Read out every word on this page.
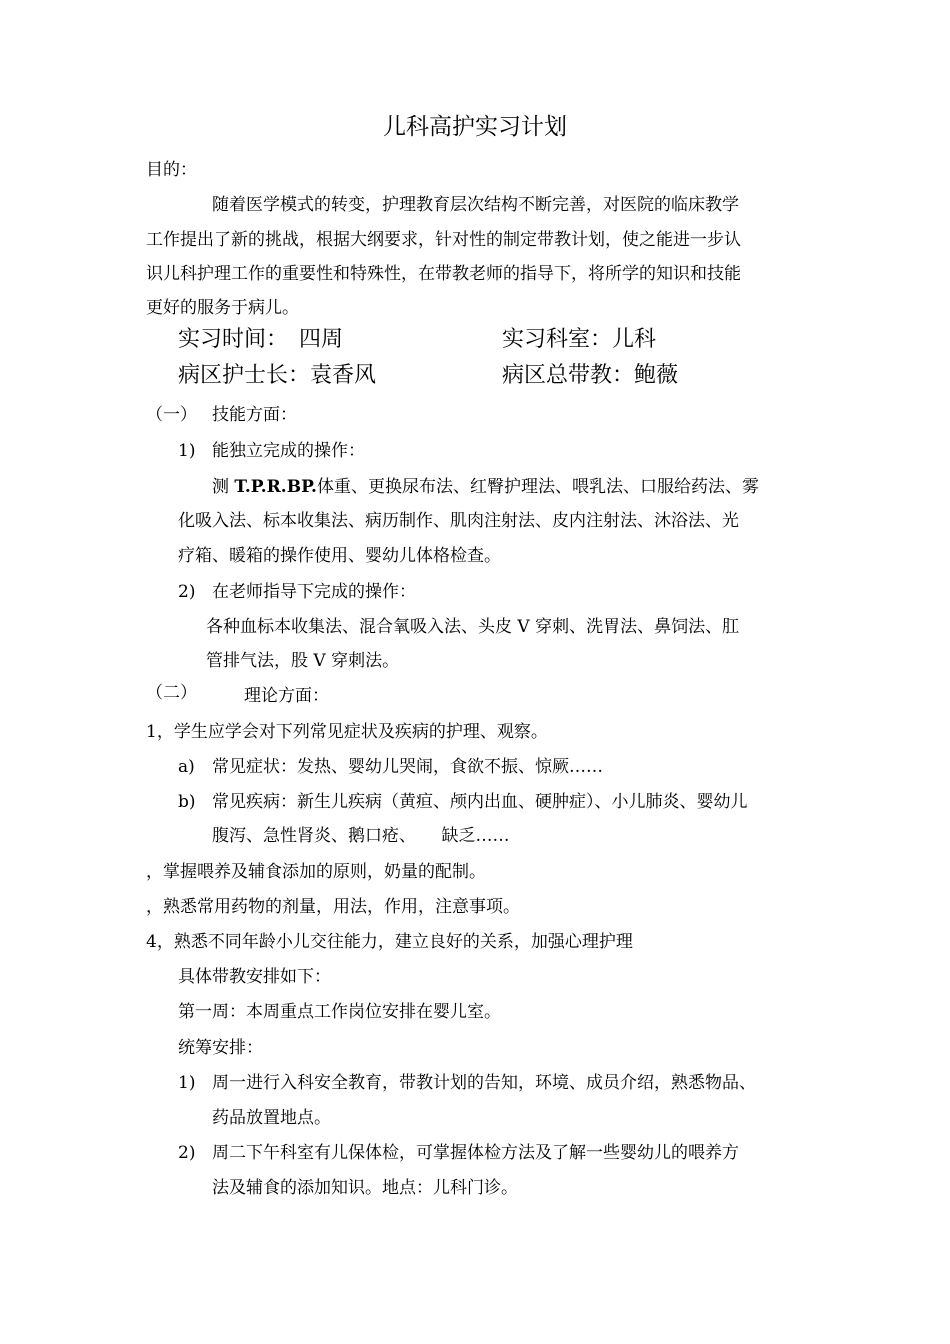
儿科高护实习计划
目的：
随着医学模式的转变，护理教育层次结构不断完善，对医院的临床教学
工作提出了新的挑战，根据大纲要求，针对性的制定带教计划，使之能进一步认
识儿科护理工作的重要性和特殊性，在带教老师的指导下，将所学的知识和技能
更好的服务于病儿。
实习时间：　四周	实习科室：儿科
病区护士长：袁香风	病区总带教：鲍薇
（一） 技能方面：
1) 能独立完成的操作：
测 T.P.R.BP.体重、更换尿布法、红臀护理法、喂乳法、口服给药法、雾
化吸入法、标本收集法、病历制作、肌肉注射法、皮内注射法、沐浴法、光
疗箱、暖箱的操作使用、婴幼儿体格检查。
2) 在老师指导下完成的操作：
各种血标本收集法、混合氧吸入法、头皮 V 穿刺、洗胃法、鼻饲法、肛
管排气法，股 V 穿刺法。
（二）	理论方面：
1，学生应学会对下列常见症状及疾病的护理、观察。
a) 常见症状：发热、婴幼儿哭闹，食欲不振、惊厥……
b) 常见疾病：新生儿疾病（黄疸、颅内出血、硬肿症）、小儿肺炎、婴幼儿
腹泻、急性肾炎、鹅口疮、　　缺乏……
，掌握喂养及辅食添加的原则，奶量的配制。
，熟悉常用药物的剂量，用法，作用，注意事项。
4，熟悉不同年龄小儿交往能力，建立良好的关系，加强心理护理
具体带教安排如下：
第一周：本周重点工作岗位安排在婴儿室。
统筹安排：
1) 周一进行入科安全教育，带教计划的告知，环境、成员介绍，熟悉物品、
药品放置地点。
2) 周二下午科室有儿保体检，可掌握体检方法及了解一些婴幼儿的喂养方
法及辅食的添加知识。地点：儿科门诊。
